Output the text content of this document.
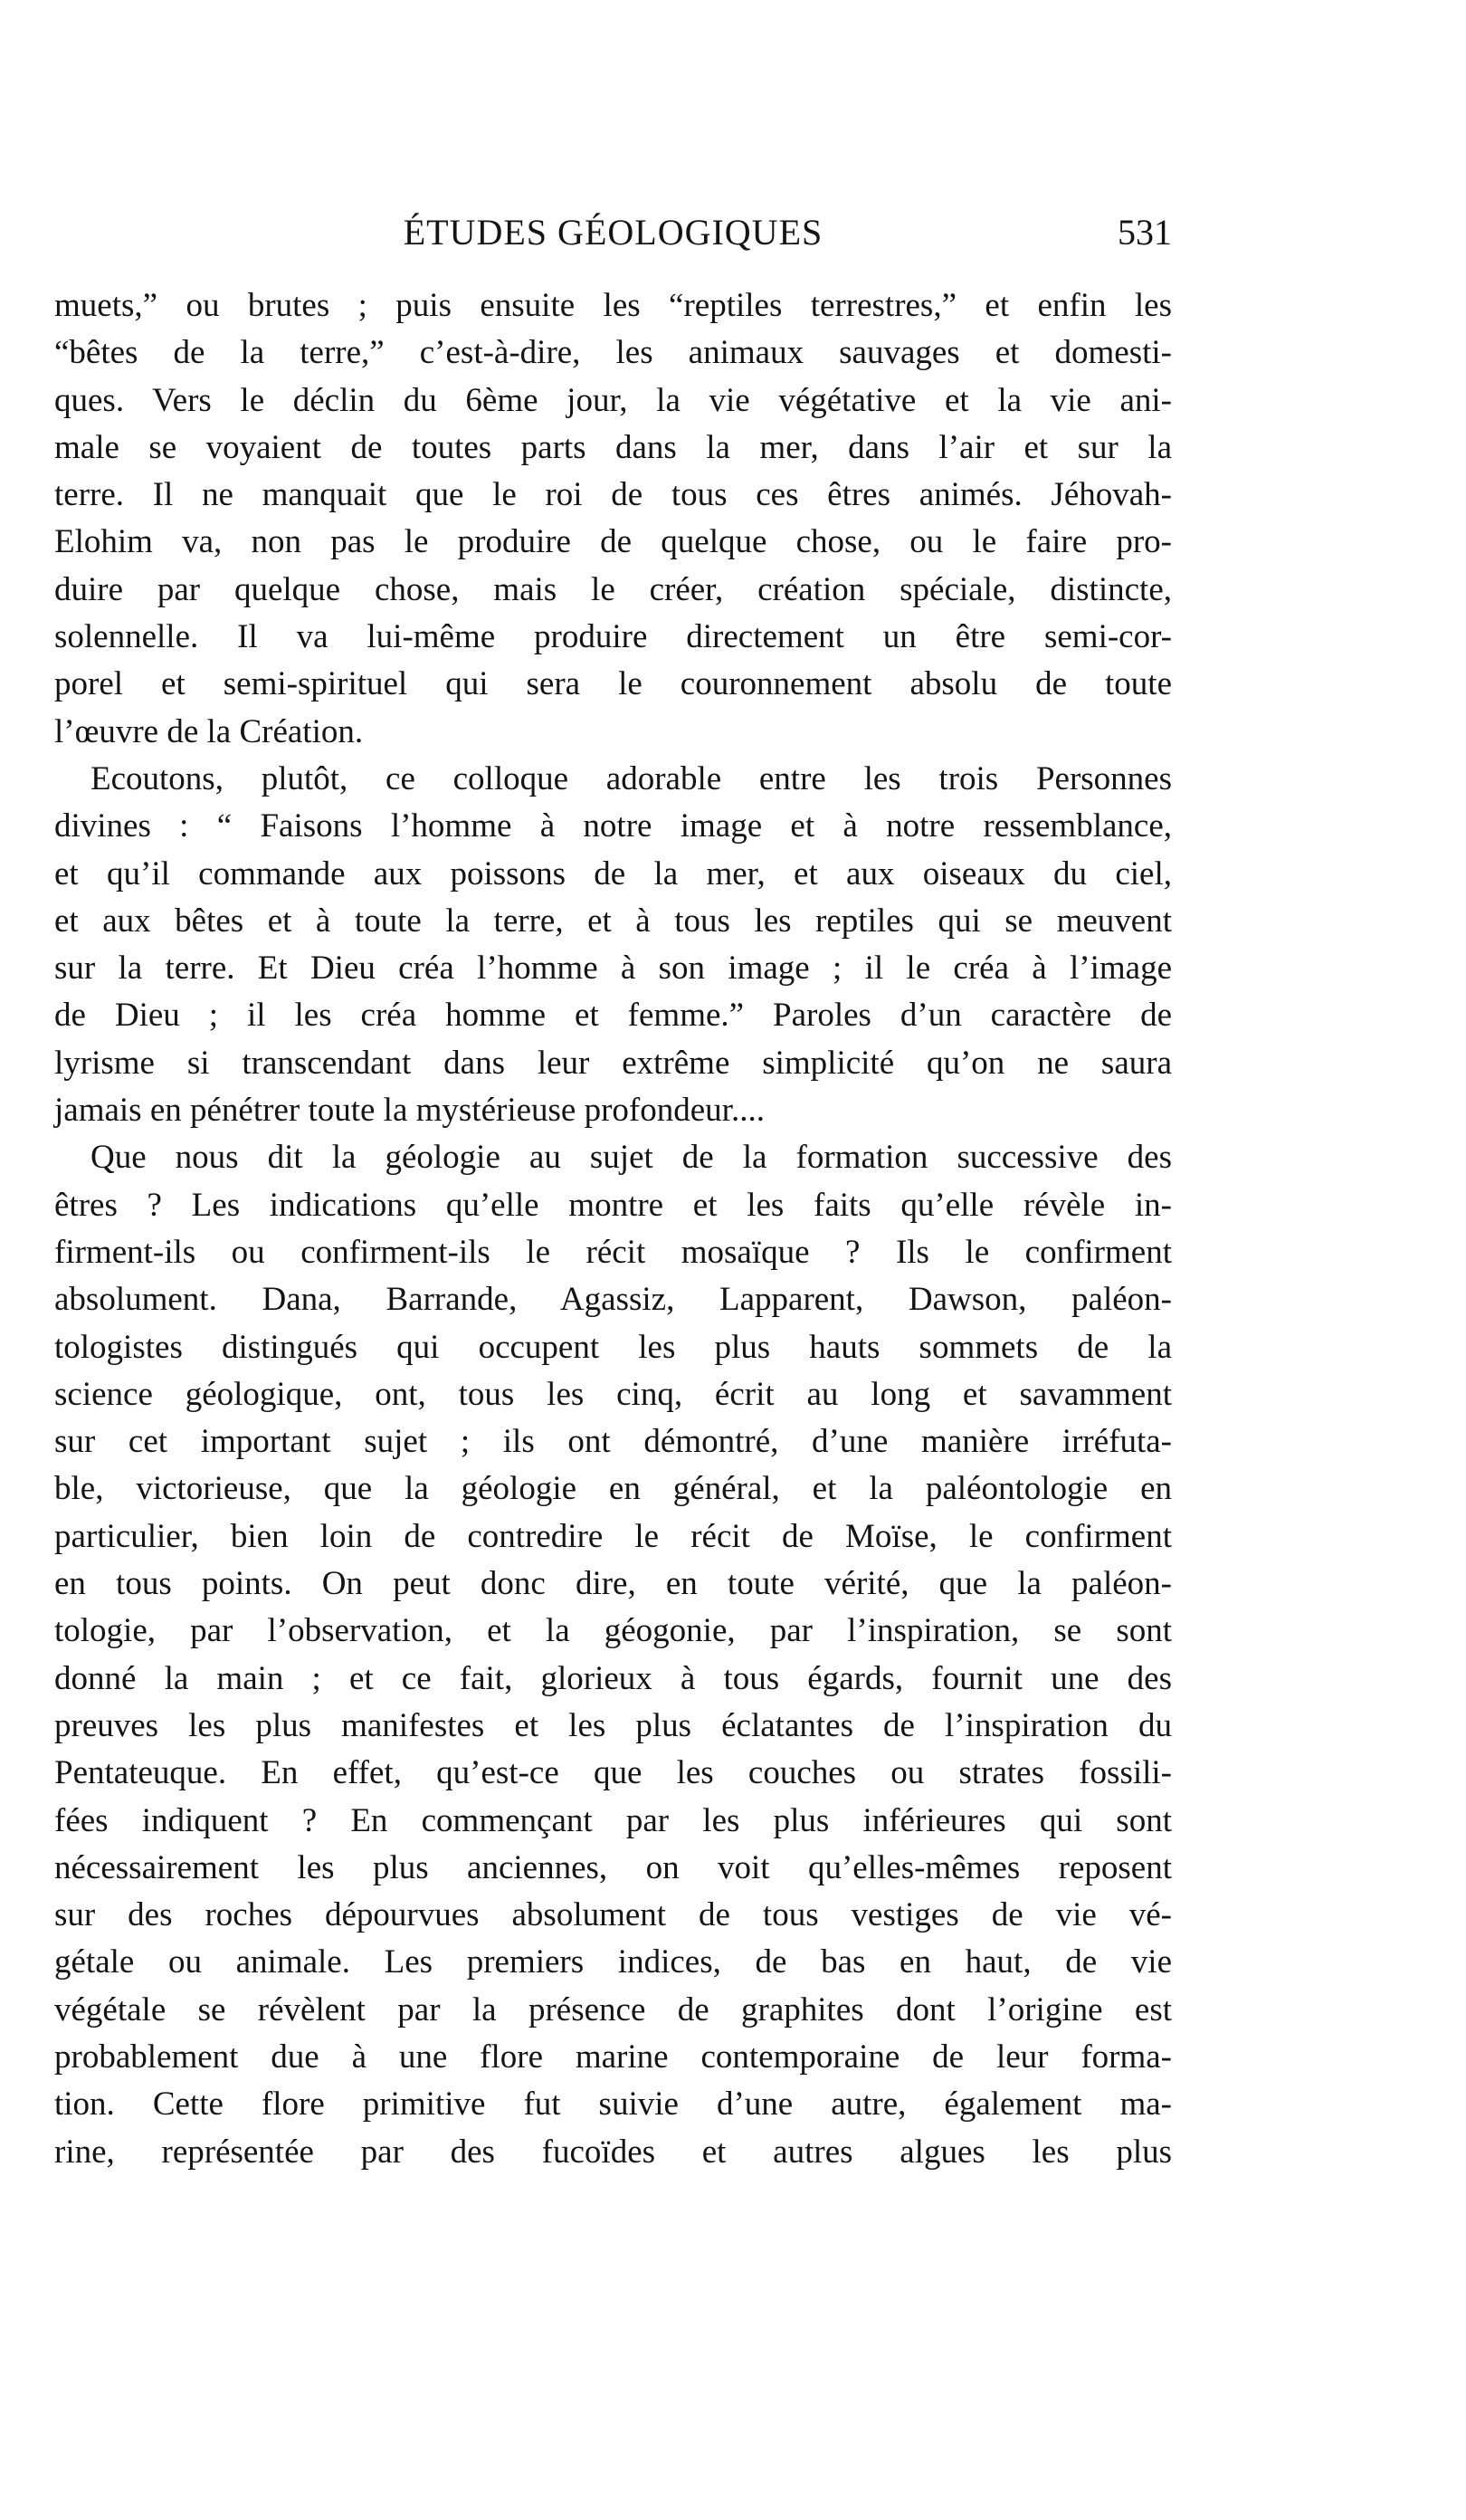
ÉTUDES GÉOLOGIQUES	531
muets,” ou brutes ; puis ensuite les “reptiles terrestres,” et enfin les
“bêtes de la terre,” c’est-à-dire, les animaux sauvages et domesti-
ques. Vers le déclin du 6ème jour, la vie végétative et la vie ani-
male se voyaient de toutes parts dans la mer, dans l’air et sur la
terre. Il ne manquait que le roi de tous ces êtres animés. Jéhovah-
Elohim va, non pas le produire de quelque chose, ou le faire pro-
duire par quelque chose, mais le créer, création spéciale, distincte,
solennelle. Il va lui-même produire directement un être semi-cor-
porel et semi-spirituel qui sera le couronnement absolu de toute
l’œuvre de la Création.
Ecoutons, plutôt, ce colloque adorable entre les trois Personnes
divines : “ Faisons l’homme à notre image et à notre ressemblance,
et qu’il commande aux poissons de la mer, et aux oiseaux du ciel,
et aux bêtes et à toute la terre, et à tous les reptiles qui se meuvent
sur la terre. Et Dieu créa l’homme à son image ; il le créa à l’image
de Dieu ; il les créa homme et femme.” Paroles d’un caractère de
lyrisme si transcendant dans leur extrême simplicité qu’on ne saura
jamais en pénétrer toute la mystérieuse profondeur....
Que nous dit la géologie au sujet de la formation successive des
êtres ? Les indications qu’elle montre et les faits qu’elle révèle in-
firment-ils ou confirment-ils le récit mosaïque ? Ils le confirment
absolument. Dana, Barrande, Agassiz, Lapparent, Dawson, paléon-
tologistes distingués qui occupent les plus hauts sommets de la
science géologique, ont, tous les cinq, écrit au long et savamment
sur cet important sujet ; ils ont démontré, d’une manière irréfuta-
ble, victorieuse, que la géologie en général, et la paléontologie en
particulier, bien loin de contredire le récit de Moïse, le confirment
en tous points. On peut donc dire, en toute vérité, que la paléon-
tologie, par l’observation, et la géogonie, par l’inspiration, se sont
donné la main ; et ce fait, glorieux à tous égards, fournit une des
preuves les plus manifestes et les plus éclatantes de l’inspiration du
Pentateuque. En effet, qu’est-ce que les couches ou strates fossili-
fées indiquent ? En commençant par les plus inférieures qui sont
nécessairement les plus anciennes, on voit qu’elles-mêmes reposent
sur des roches dépourvues absolument de tous vestiges de vie vé-
gétale ou animale. Les premiers indices, de bas en haut, de vie
végétale se révèlent par la présence de graphites dont l’origine est
probablement due à une flore marine contemporaine de leur forma-
tion. Cette flore primitive fut suivie d’une autre, également ma-
rine, représentée par des fucoïdes et autres algues les plus
